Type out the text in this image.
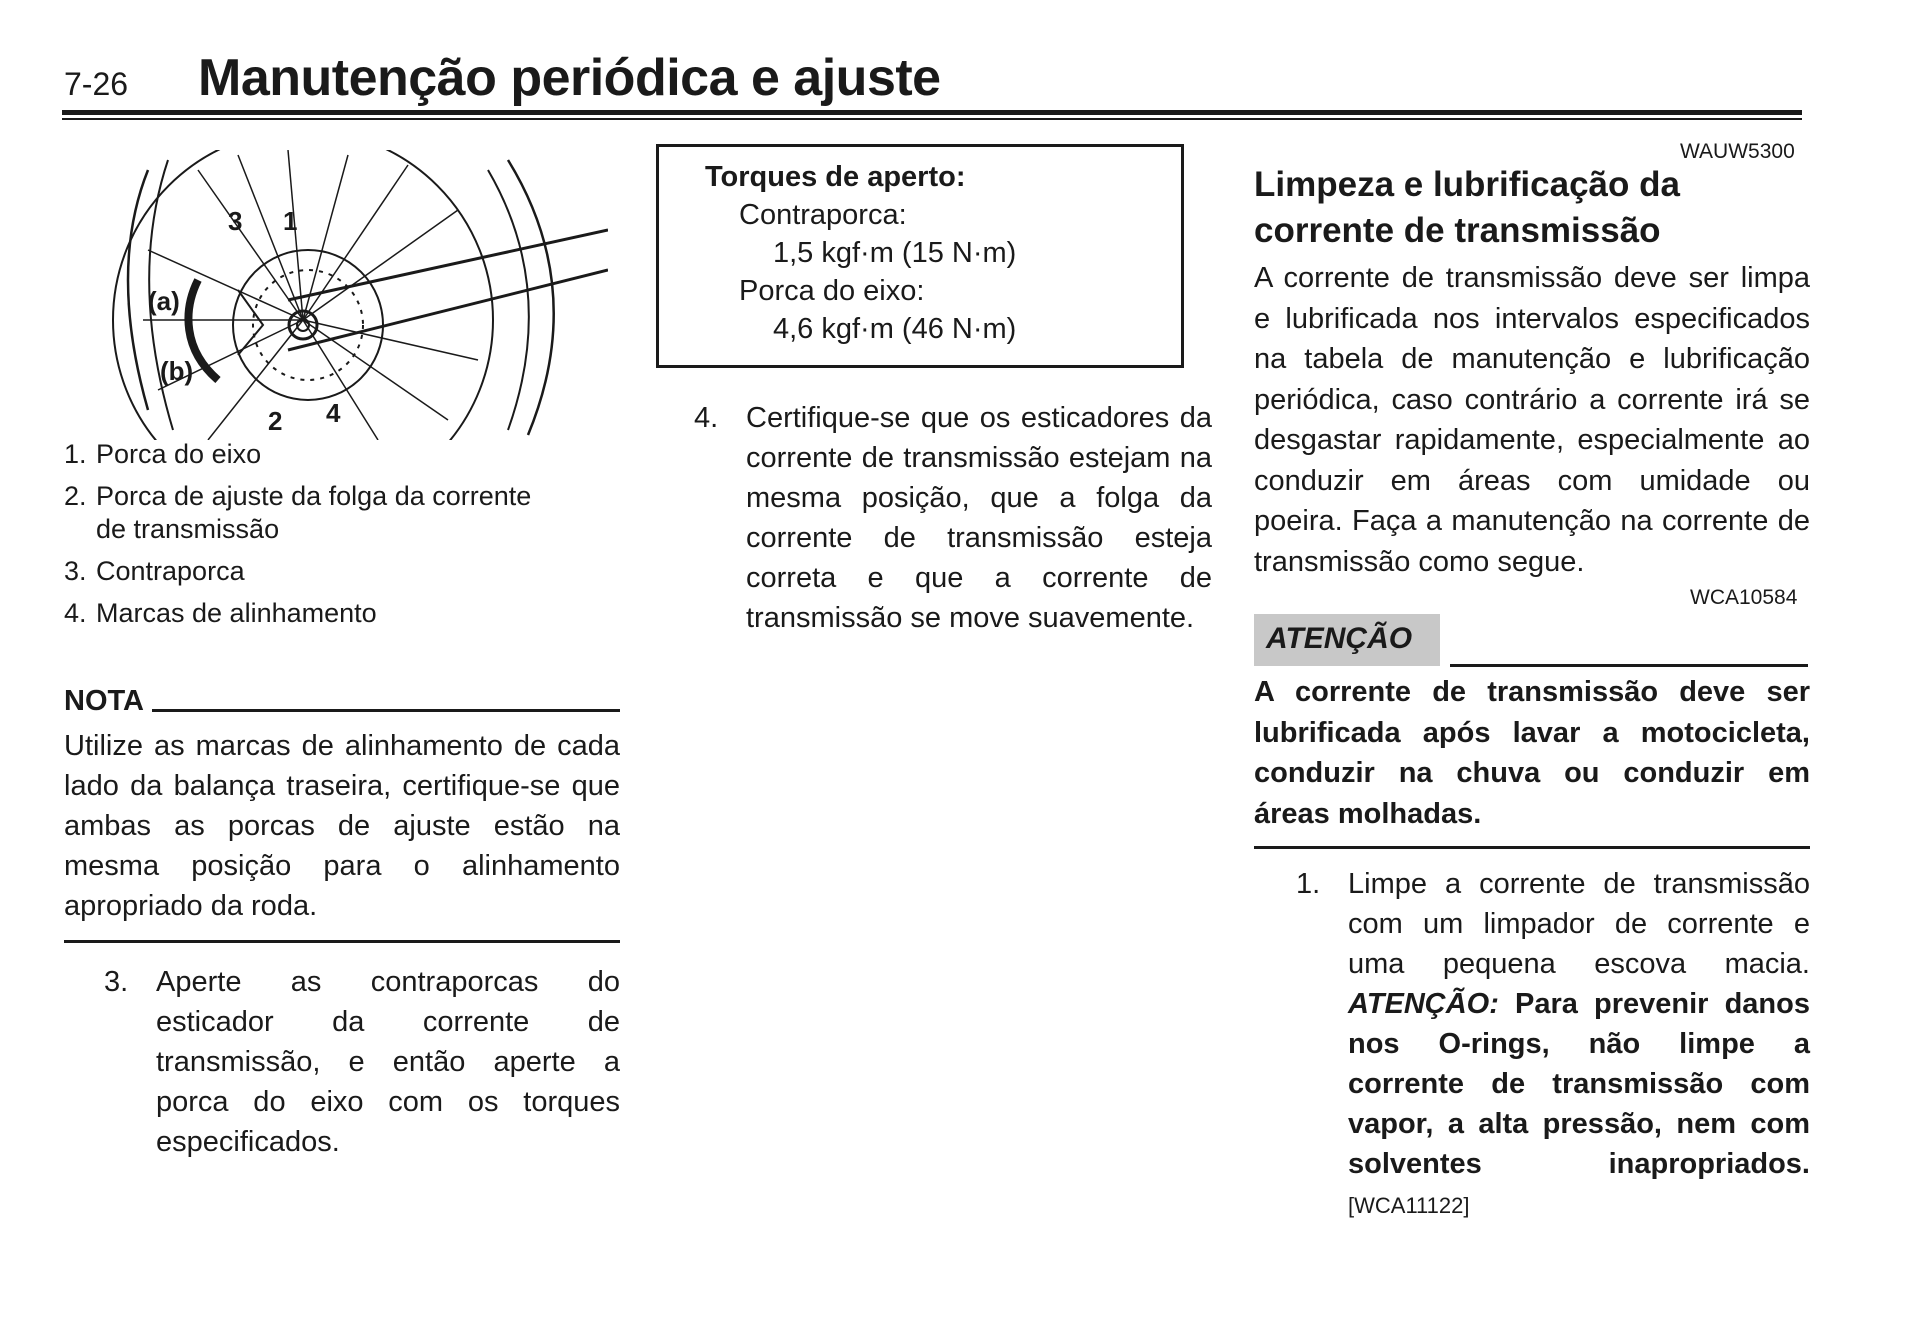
7-26 Manutenção periódica e ajuste
3 1
(a)
(b)
2 4
1. Porca do eixo
2. Porca de ajuste da folga da corrente de transmissão
3. Contraporca
4. Marcas de alinhamento
NOTA
Utilize as marcas de alinhamento de cada lado da balança traseira, certifique-se que ambas as porcas de ajuste estão na mesma posição para o alinhamento apropriado da roda.
3. Aperte as contraporcas do esticador da corrente de transmissão, e então aperte a porca do eixo com os torques especificados.
Torques de aperto:
Contraporca:
1,5 kgf·m (15 N·m)
Porca do eixo:
4,6 kgf·m (46 N·m)
4. Certifique-se que os esticadores da corrente de transmissão estejam na mesma posição, que a folga da corrente de transmissão esteja correta e que a corrente de transmissão se move suavemente.
WAUW5300
Limpeza e lubrificação da corrente de transmissão
A corrente de transmissão deve ser limpa e lubrificada nos intervalos especificados na tabela de manutenção e lubrificação periódica, caso contrário a corrente irá se desgastar rapidamente, especialmente ao conduzir em áreas com umidade ou poeira. Faça a manutenção na corrente de transmissão como segue.
WCA10584
ATENÇÃO
A corrente de transmissão deve ser lubrificada após lavar a motocicleta, conduzir na chuva ou conduzir em áreas molhadas.
1. Limpe a corrente de transmissão com um limpador de corrente e uma pequena escova macia. ATENÇÃO: Para prevenir danos nos O-rings, não limpe a corrente de transmissão com vapor, a alta pressão, nem com solventes inapropriados. [WCA11122]
